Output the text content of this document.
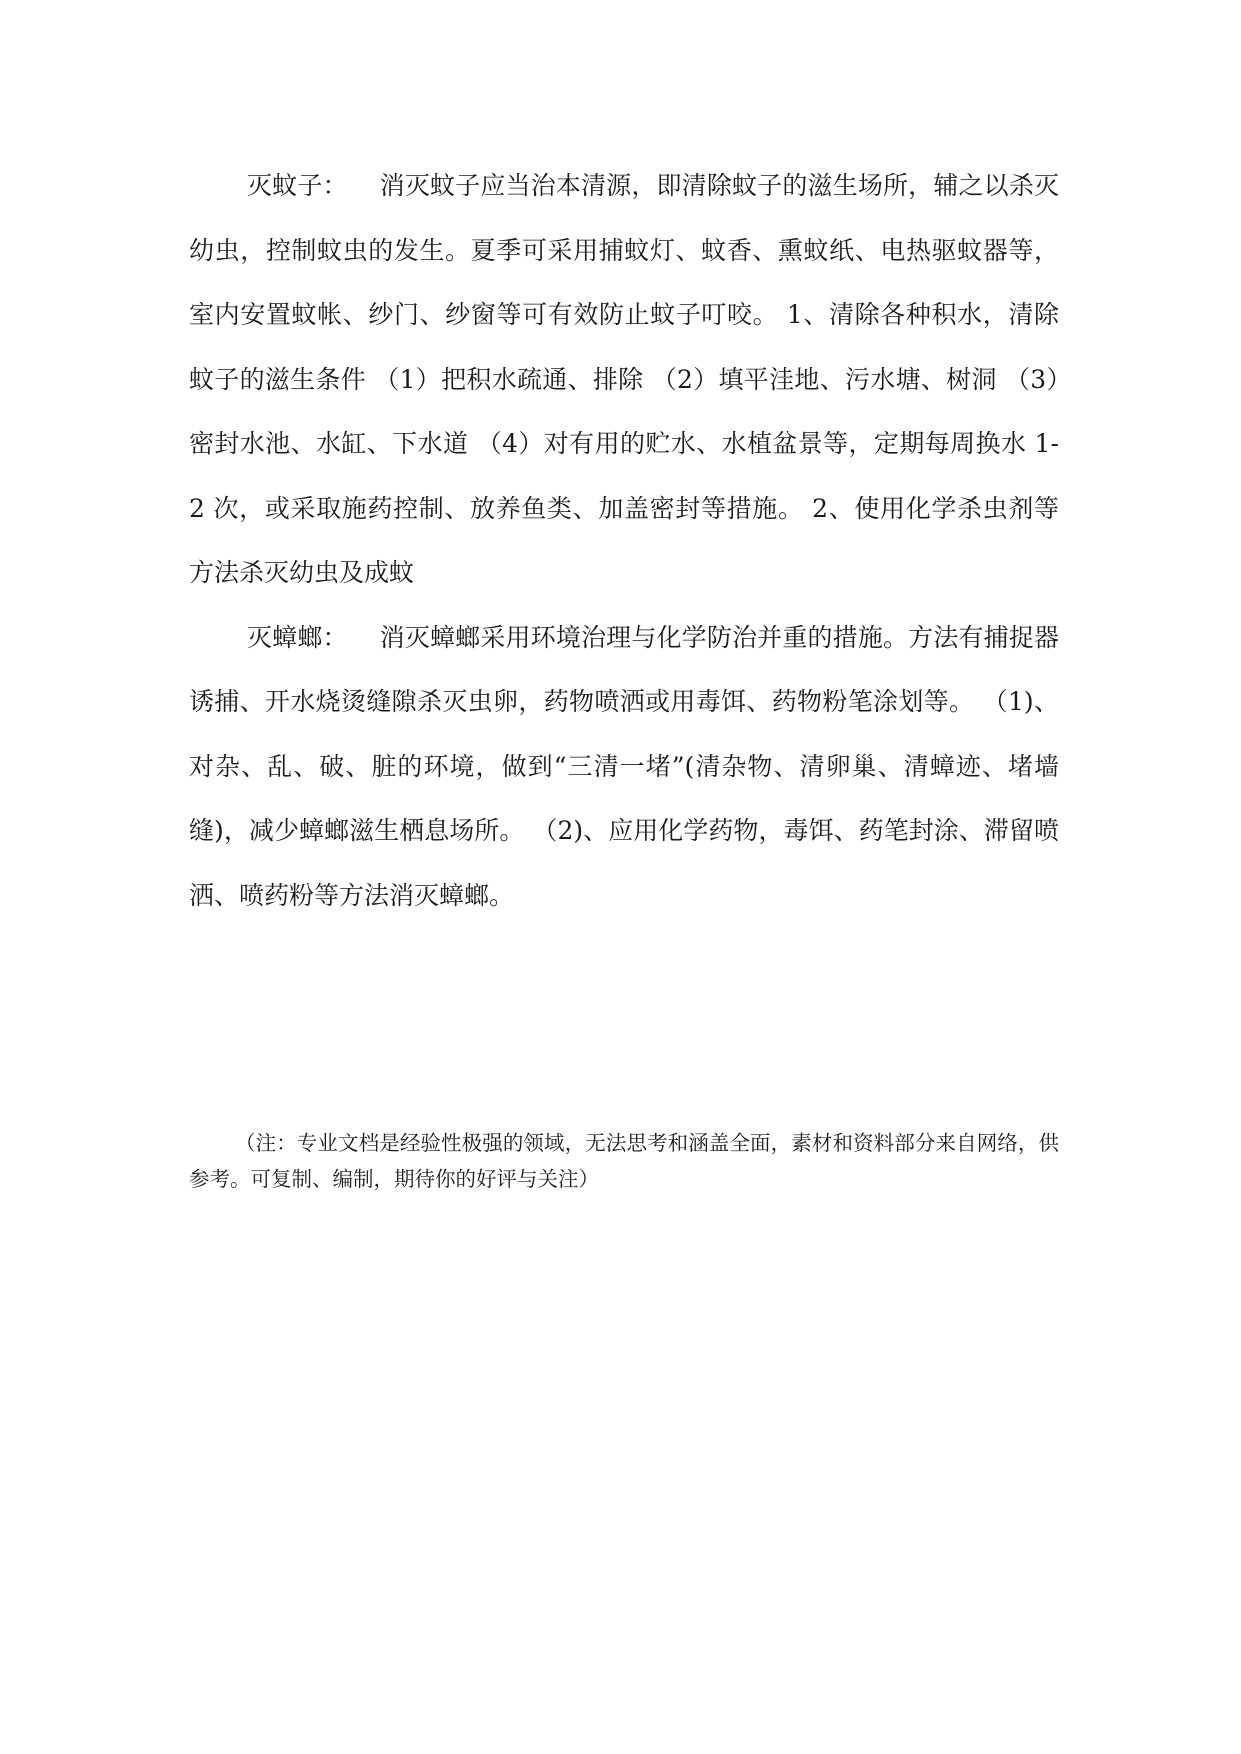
灭蚊子： 消灭蚊子应当治本清源，即清除蚊子的滋生场所，辅之以杀灭幼虫，控制蚊虫的发生。夏季可采用捕蚊灯、蚊香、熏蚊纸、电热驱蚊器等，室内安置蚊帐、纱门、纱窗等可有效防止蚊子叮咬。 1、清除各种积水，清除蚊子的滋生条件 （1）把积水疏通、排除 （2）填平洼地、污水塘、树洞 （3）密封水池、水缸、下水道 （4）对有用的贮水、水植盆景等，定期每周换水 1-2 次，或采取施药控制、放养鱼类、加盖密封等措施。 2、使用化学杀虫剂等方法杀灭幼虫及成蚊

灭蟑螂： 消灭蟑螂采用环境治理与化学防治并重的措施。方法有捕捉器诱捕、开水烧烫缝隙杀灭虫卵，药物喷洒或用毒饵、药物粉笔涂划等。 （1)、对杂、乱、破、脏的环境，做到“三清一堵”(清杂物、清卵巢、清蟑迹、堵墙缝)，减少蟑螂滋生栖息场所。 （2)、应用化学药物，毒饵、药笔封涂、滞留喷洒、喷药粉等方法消灭蟑螂。

（注：专业文档是经验性极强的领域，无法思考和涵盖全面，素材和资料部分来自网络，供参考。可复制、编制，期待你的好评与关注）
